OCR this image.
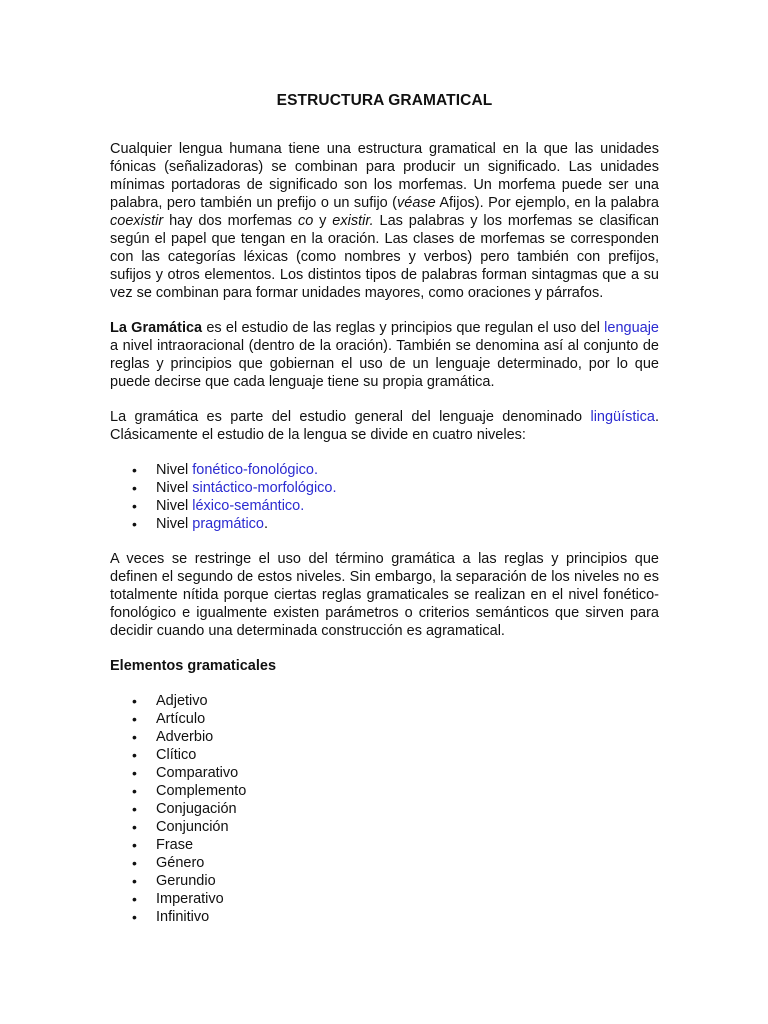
ESTRUCTURA GRAMATICAL

Cualquier lengua humana tiene una estructura gramatical en la que las unidades fónicas (señalizadoras) se combinan para producir un significado. Las unidades mínimas portadoras de significado son los morfemas. Un morfema puede ser una palabra, pero también un prefijo o un sufijo (véase Afijos). Por ejemplo, en la palabra coexistir hay dos morfemas co y existir. Las palabras y los morfemas se clasifican según el papel que tengan en la oración. Las clases de morfemas se corresponden con las categorías léxicas (como nombres y verbos) pero también con prefijos, sufijos y otros elementos. Los distintos tipos de palabras forman sintagmas que a su vez se combinan para formar unidades mayores, como oraciones y párrafos.

La Gramática es el estudio de las reglas y principios que regulan el uso del lenguaje a nivel intraoracional (dentro de la oración). También se denomina así al conjunto de reglas y principios que gobiernan el uso de un lenguaje determinado, por lo que puede decirse que cada lenguaje tiene su propia gramática.

La gramática es parte del estudio general del lenguaje denominado lingüística. Clásicamente el estudio de la lengua se divide en cuatro niveles:

• Nivel fonético-fonológico.
• Nivel sintáctico-morfológico.
• Nivel léxico-semántico.
• Nivel pragmático.

A veces se restringe el uso del término gramática a las reglas y principios que definen el segundo de estos niveles. Sin embargo, la separación de los niveles no es totalmente nítida porque ciertas reglas gramaticales se realizan en el nivel fonético-fonológico e igualmente existen parámetros o criterios semánticos que sirven para decidir cuando una determinada construcción es agramatical.

Elementos gramaticales
• Adjetivo
• Artículo
• Adverbio
• Clítico
• Comparativo
• Complemento
• Conjugación
• Conjunción
• Frase
• Género
• Gerundio
• Imperativo
• Infinitivo
